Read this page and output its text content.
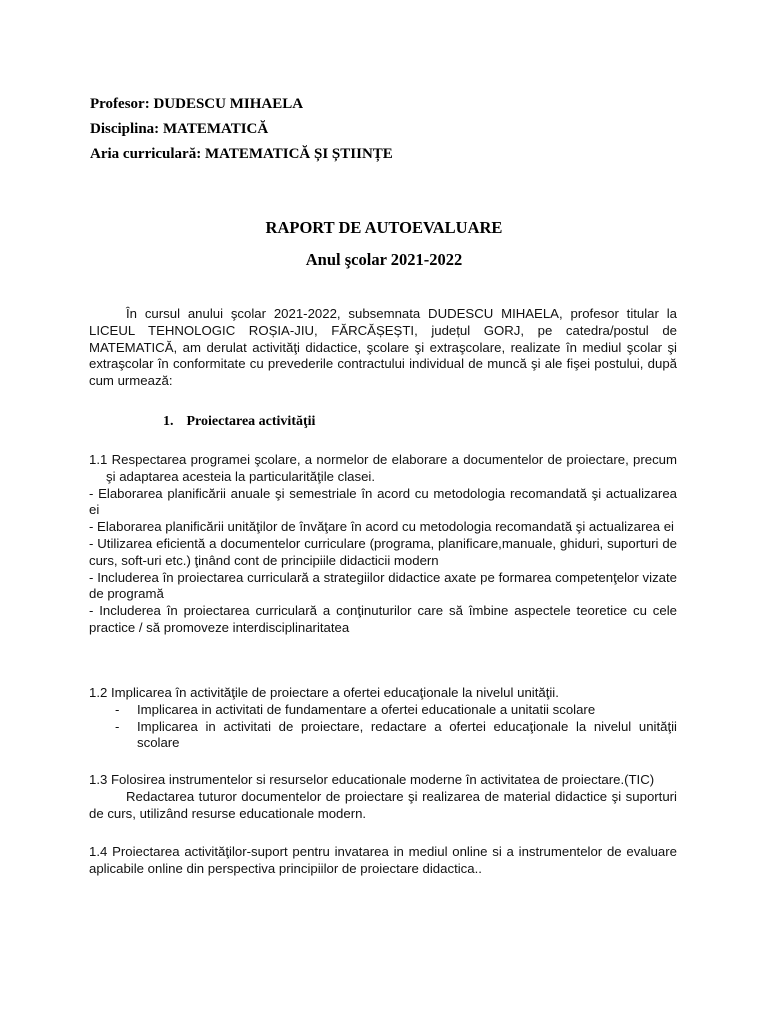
Profesor: DUDESCU MIHAELA
Disciplina: MATEMATICĂ
Aria curriculară: MATEMATICĂ ȘI ȘTIINȚE
RAPORT DE AUTOEVALUARE
Anul şcolar 2021-2022

În cursul anului şcolar 2021-2022, subsemnata DUDESCU MIHAELA, profesor titular la LICEUL TEHNOLOGIC ROȘIA-JIU, FĂRCĂȘEȘTI, județul GORJ, pe catedra/postul de MATEMATICĂ, am derulat activităţi didactice, şcolare şi extraşcolare, realizate în mediul şcolar şi extraşcolar în conformitate cu prevederile contractului individual de muncă şi ale fişei postului, după cum urmează:

1. Proiectarea activităţii

1.1 Respectarea programei şcolare, a normelor de elaborare a documentelor de proiectare, precum şi adaptarea acesteia la particularităţile clasei.

- Elaborarea planificării anuale şi semestriale în acord cu metodologia recomandată şi actualizarea ei

- Elaborarea planificării unităţilor de învăţare în acord cu metodologia recomandată şi actualizarea ei

- Utilizarea eficientă a documentelor curriculare (programa, planificare,manuale, ghiduri, suporturi de curs, soft-uri etc.) ţinând cont de principiile didacticii modern

- Includerea în proiectarea curriculară a strategiilor didactice axate pe formarea competenţelor vizate de programă

- Includerea în proiectarea curriculară a conţinuturilor care să îmbine aspectele teoretice cu cele practice / să promoveze interdisciplinaritatea

1.2 Implicarea în activităţile de proiectare a ofertei educaţionale la nivelul unităţii.

- Implicarea in activitati de fundamentare a ofertei educationale a unitatii scolare
- Implicarea in activitati de proiectare, redactare a ofertei educaţionale la nivelul unităţii scolare

1.3 Folosirea instrumentelor si resurselor educationale moderne în activitatea de proiectare.(TIC)

Redactarea tuturor documentelor de proiectare şi realizarea de material didactice şi suporturi de curs, utilizând resurse educationale modern.

1.4 Proiectarea activităţilor-suport pentru invatarea in mediul online si a instrumentelor de evaluare aplicabile online din perspectiva principiilor de proiectare didactica..
